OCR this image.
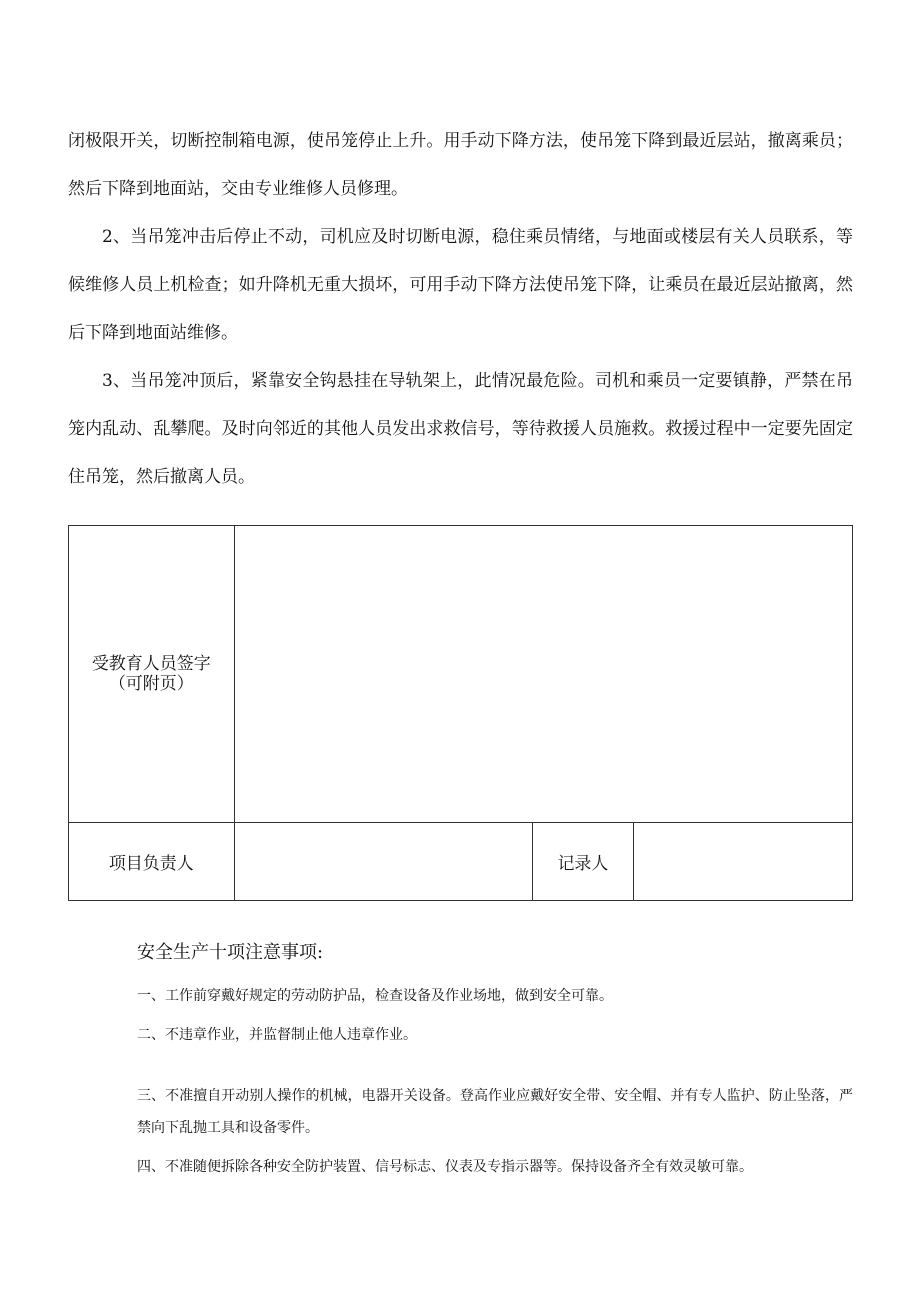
闭极限开关，切断控制箱电源，使吊笼停止上升。用手动下降方法，使吊笼下降到最近层站，撤离乘员；然后下降到地面站，交由专业维修人员修理。

2、当吊笼冲击后停止不动，司机应及时切断电源，稳住乘员情绪，与地面或楼层有关人员联系，等候维修人员上机检查；如升降机无重大损坏，可用手动下降方法使吊笼下降，让乘员在最近层站撤离，然后下降到地面站维修。

3、当吊笼冲顶后，紧靠安全钩悬挂在导轨架上，此情况最危险。司机和乘员一定要镇静，严禁在吊笼内乱动、乱攀爬。及时向邻近的其他人员发出求救信号，等待救援人员施救。救援过程中一定要先固定住吊笼，然后撤离人员。

受教育人员签字
（可附页）			

项目负责人		记录人	

安全生产十项注意事项:

一、工作前穿戴好规定的劳动防护品，检查设备及作业场地，做到安全可靠。

二、不违章作业，并监督制止他人违章作业。

三、不准擅自开动别人操作的机械，电器开关设备。登高作业应戴好安全带、安全帽、并有专人监护、防止坠落，严禁向下乱抛工具和设备零件。

四、不准随便拆除各种安全防护装置、信号标志、仪表及专指示器等。保持设备齐全有效灵敏可靠。
